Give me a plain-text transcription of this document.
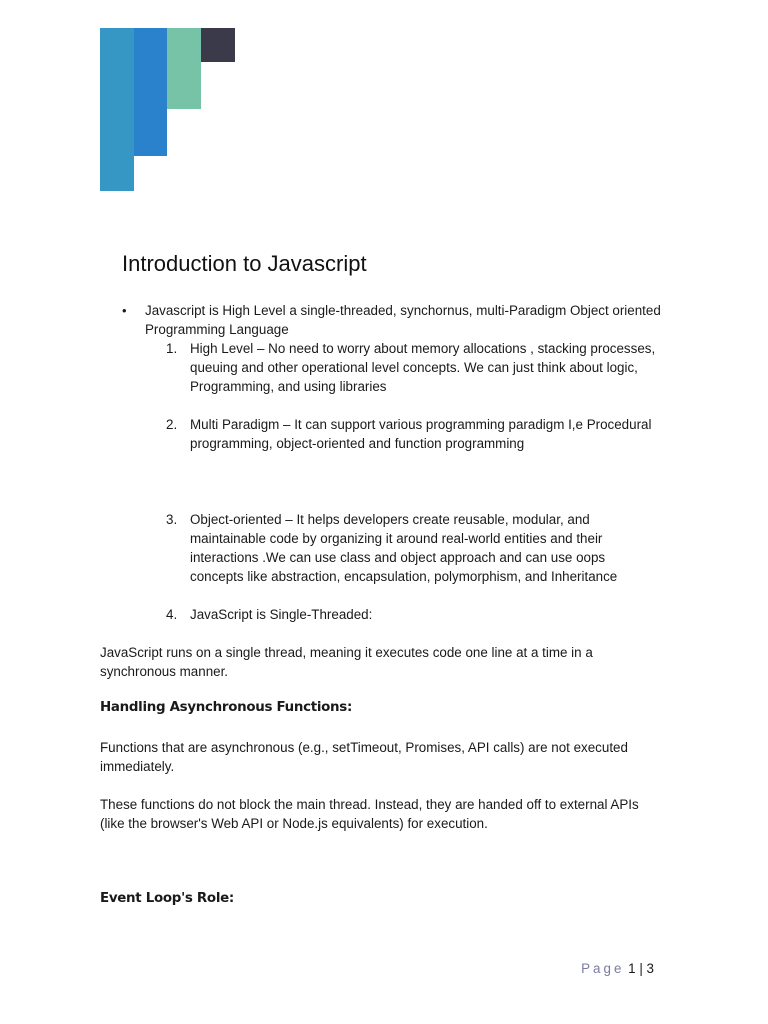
Introduction to Javascript
• Javascript is High Level a single-threaded, synchornus, multi-Paradigm Object oriented Programming Language
1. High Level – No need to worry about memory allocations , stacking processes, queuing and other operational level concepts. We can just think about logic, Programming, and using libraries
2. Multi Paradigm – It can support various programming paradigm I,e Procedural programming, object-oriented and function programming
3. Object-oriented – It helps developers create reusable, modular, and maintainable code by organizing it around real-world entities and their interactions .We can use class and object approach and can use oops concepts like abstraction, encapsulation, polymorphism, and Inheritance
4. JavaScript is Single-Threaded:

JavaScript runs on a single thread, meaning it executes code one line at a time in a synchronous manner.

Handling Asynchronous Functions:

Functions that are asynchronous (e.g., setTimeout, Promises, API calls) are not executed immediately.

These functions do not block the main thread. Instead, they are handed off to external APIs (like the browser's Web API or Node.js equivalents) for execution.

Event Loop's Role:
Page 1 | 3
